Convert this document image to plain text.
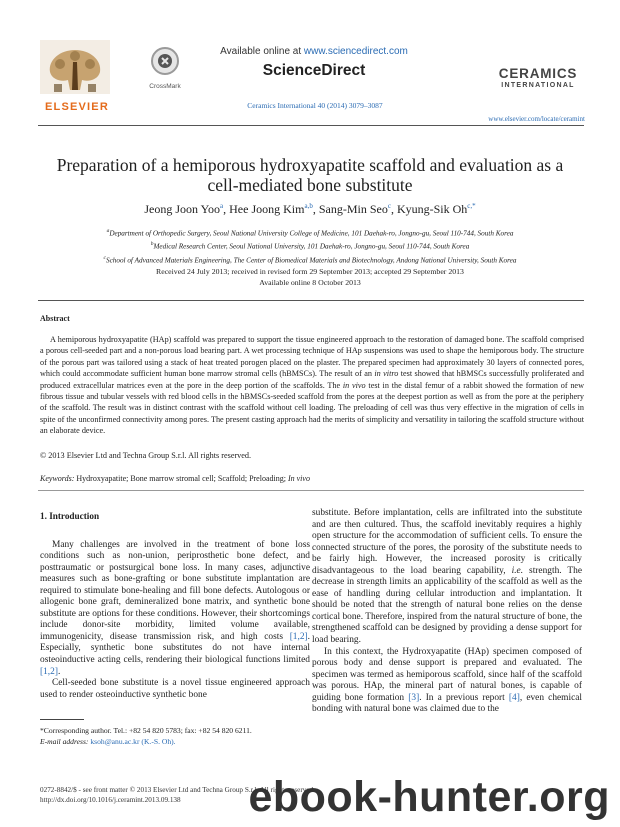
ELSEVIER
CrossMark
Available online at www.sciencedirect.com
ScienceDirect
Ceramics International 40 (2014) 3079–3087
CERAMICS
INTERNATIONAL
www.elsevier.com/locate/ceramint
Preparation of a hemiporous hydroxyapatite scaffold and evaluation as a cell-mediated bone substitute
Jeong Joon Yoo$^a$, Hee Joong Kim$^{a,b}$, Sang-Min Seo$^c$, Kyung-Sik $Oh^{c,*}$
$^a$Department of Orthopedic Surgery, Seoul National University College of Medicine, 101 Daehak-ro, Jongno-gu, Seoul 110-744, South Korea
$^b$Medical Research Center, Seoul National University, 101 Daehak-ro, Jongno-gu, Seoul 110-744, South Korea
$^c$School of Advanced Materials Engineering, The Center of Biomedical Materials and Biotechnology, Andong National University, South Korea
Received 24 July 2013; received in revised form 29 September 2013; accepted 29 September 2013
Available online 8 October 2013
Abstract
A hemiporous hydroxyapatite (HAp) scaffold was prepared to support the tissue engineered approach to the restoration of damaged bone. The scaffold comprised a porous cell-seeded part and a non-porous load bearing part. A wet processing technique of HAp suspensions was used to shape the hemiporous body. The structure of the porous part was tailored using a stack of heat treated porogen placed on the plaster. The prepared specimen had approximately 30 layers of connected pores, which could accommodate sufficient human bone marrow stromal cells (hBMSCs). The result of an in vitro test showed that hBMSCs successfully proliferated and produced extracellular matrices even at the pore in the deep portion of the scaffolds. The in vivo test in the distal femur of a rabbit showed the formation of new fibrous tissue and tubular vessels with red blood cells in the hBMSCs-seeded scaffold from the pores at the deepest portion as well as from the pore at the periphery of the scaffold. The result was in distinct contrast with the scaffold without cell loading. The preloading of cell was thus very effective in the migration of cells in spite of the unconfirmed connectivity among pores. The present casting approach had the merits of simplicity and versatility in tailoring the scaffold structure without an elaborate device.
© 2013 Elsevier Ltd and Techna Group S.r.l. All rights reserved.
Keywords: Hydroxyapatite; Bone marrow stromal cell; Scaffold; Preloading; In vivo
1. Introduction

Many challenges are involved in the treatment of bone loss conditions such as non-union, periprosthetic bone defect, and posttraumatic or postsurgical bone loss. In many cases, adjunctive measures such as bone-grafting or bone substitute implantation are required to stimulate bone-healing and fill bone defects. Autologous or allogenic bone graft, demineralized bone matrix, and synthetic bone substitute are options for these conditions. However, their shortcomings include donor-site morbidity, limited volume available, immunogenicity, disease transmission risk, and high costs [1,2]. Especially, synthetic bone substitutes do not have internal osteoinductive acting cells, rendering their biological functions limited [1,2].

Cell-seeded bone substitute is a novel tissue engineered approach used to render osteoinductive synthetic bone

substitute. Before implantation, cells are infiltrated into the substitute and are then cultured. Thus, the scaffold inevitably requires a highly open structure for the accommodation of sufficient cells. To ensure the connected structure of the pores, the porosity of the substitute needs to be fairly high. However, the increased porosity is critically disadvantageous to the load bearing capability, i.e. strength. The decrease in strength limits an applicability of the scaffold as well as the ease of handling during cellular introduction and implantation. It should be noted that the strength of natural bone relies on the dense cortical bone. Therefore, inspired from the natural structure of bone, the strengthened scaffold can be designed by providing a dense support for load bearing.

In this context, the Hydroxyapatite (HAp) specimen composed of porous body and dense support is prepared and evaluated. The specimen was termed as hemiporous scaffold, since half of the scaffold was porous. HAp, the mineral part of natural bones, is capable of guiding bone formation [3]. In a previous report [4], even chemical bonding with natural bone was claimed due to the

*Corresponding author. Tel.: +82 54 820 5783; fax: +82 54 820 6211.
E-mail address: ksoh@anu.ac.kr (K.-S. Oh).
0272-8842/$ - see front matter © 2013 Elsevier Ltd and Techna Group S.r.l. All rights reserved.
http://dx.doi.org/10.1016/j.ceramint.2013.09.138	ebook-hunter.org
